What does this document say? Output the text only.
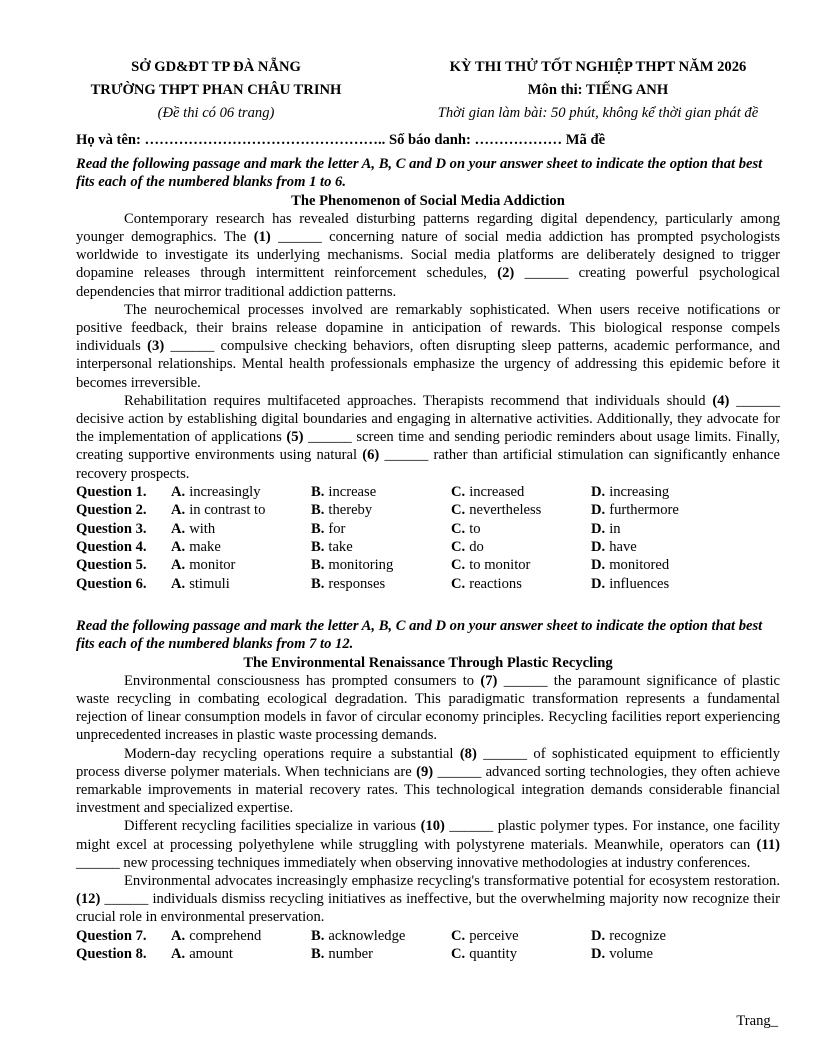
SỞ GD&ĐT TP ĐÀ NẴNG
TRƯỜNG THPT PHAN CHÂU TRINH
(Đề thi có 06 trang)
KỲ THI THỬ TỐT NGHIỆP THPT NĂM 2026
Môn thi: TIẾNG ANH
Thời gian làm bài: 50 phút, không kể thời gian phát đề
Họ và tên: ………………………………………….. Số báo danh: ……………… Mã đề
Read the following passage and mark the letter A, B, C and D on your answer sheet to indicate the option that best fits each of the numbered blanks from 1 to 6.
The Phenomenon of Social Media Addiction
Contemporary research has revealed disturbing patterns regarding digital dependency, particularly among younger demographics. The (1) ______ concerning nature of social media addiction has prompted psychologists worldwide to investigate its underlying mechanisms. Social media platforms are deliberately designed to trigger dopamine releases through intermittent reinforcement schedules, (2) ______ creating powerful psychological dependencies that mirror traditional addiction patterns.
The neurochemical processes involved are remarkably sophisticated. When users receive notifications or positive feedback, their brains release dopamine in anticipation of rewards. This biological response compels individuals (3) ______ compulsive checking behaviors, often disrupting sleep patterns, academic performance, and interpersonal relationships. Mental health professionals emphasize the urgency of addressing this epidemic before it becomes irreversible.
Rehabilitation requires multifaceted approaches. Therapists recommend that individuals should (4) ______ decisive action by establishing digital boundaries and engaging in alternative activities. Additionally, they advocate for the implementation of applications (5) ______ screen time and sending periodic reminders about usage limits. Finally, creating supportive environments using natural (6) ______ rather than artificial stimulation can significantly enhance recovery prospects.
Question 1.	A. increasingly	B. increase	C. increased	D. increasing
Question 2.	A. in contrast to	B. thereby	C. nevertheless	D. furthermore
Question 3.	A. with	B. for	C. to	D. in
Question 4.	A. make	B. take	C. do	D. have
Question 5.	A. monitor	B. monitoring	C. to monitor	D. monitored
Question 6.	A. stimuli	B. responses	C. reactions	D. influences
Read the following passage and mark the letter A, B, C and D on your answer sheet to indicate the option that best fits each of the numbered blanks from 7 to 12.
The Environmental Renaissance Through Plastic Recycling
Environmental consciousness has prompted consumers to (7) ______ the paramount significance of plastic waste recycling in combating ecological degradation. This paradigmatic transformation represents a fundamental rejection of linear consumption models in favor of circular economy principles. Recycling facilities report experiencing unprecedented increases in plastic waste processing demands.
Modern-day recycling operations require a substantial (8) ______ of sophisticated equipment to efficiently process diverse polymer materials. When technicians are (9) ______ advanced sorting technologies, they often achieve remarkable improvements in material recovery rates. This technological integration demands considerable financial investment and specialized expertise.
Different recycling facilities specialize in various (10) ______ plastic polymer types. For instance, one facility might excel at processing polyethylene while struggling with polystyrene materials. Meanwhile, operators can (11) ______ new processing techniques immediately when observing innovative methodologies at industry conferences.
Environmental advocates increasingly emphasize recycling's transformative potential for ecosystem restoration. (12) ______ individuals dismiss recycling initiatives as ineffective, but the overwhelming majority now recognize their crucial role in environmental preservation.
Question 7.	A. comprehend	B. acknowledge	C. perceive	D. recognize
Question 8.	A. amount	B. number	C. quantity	D. volume
Trang_
